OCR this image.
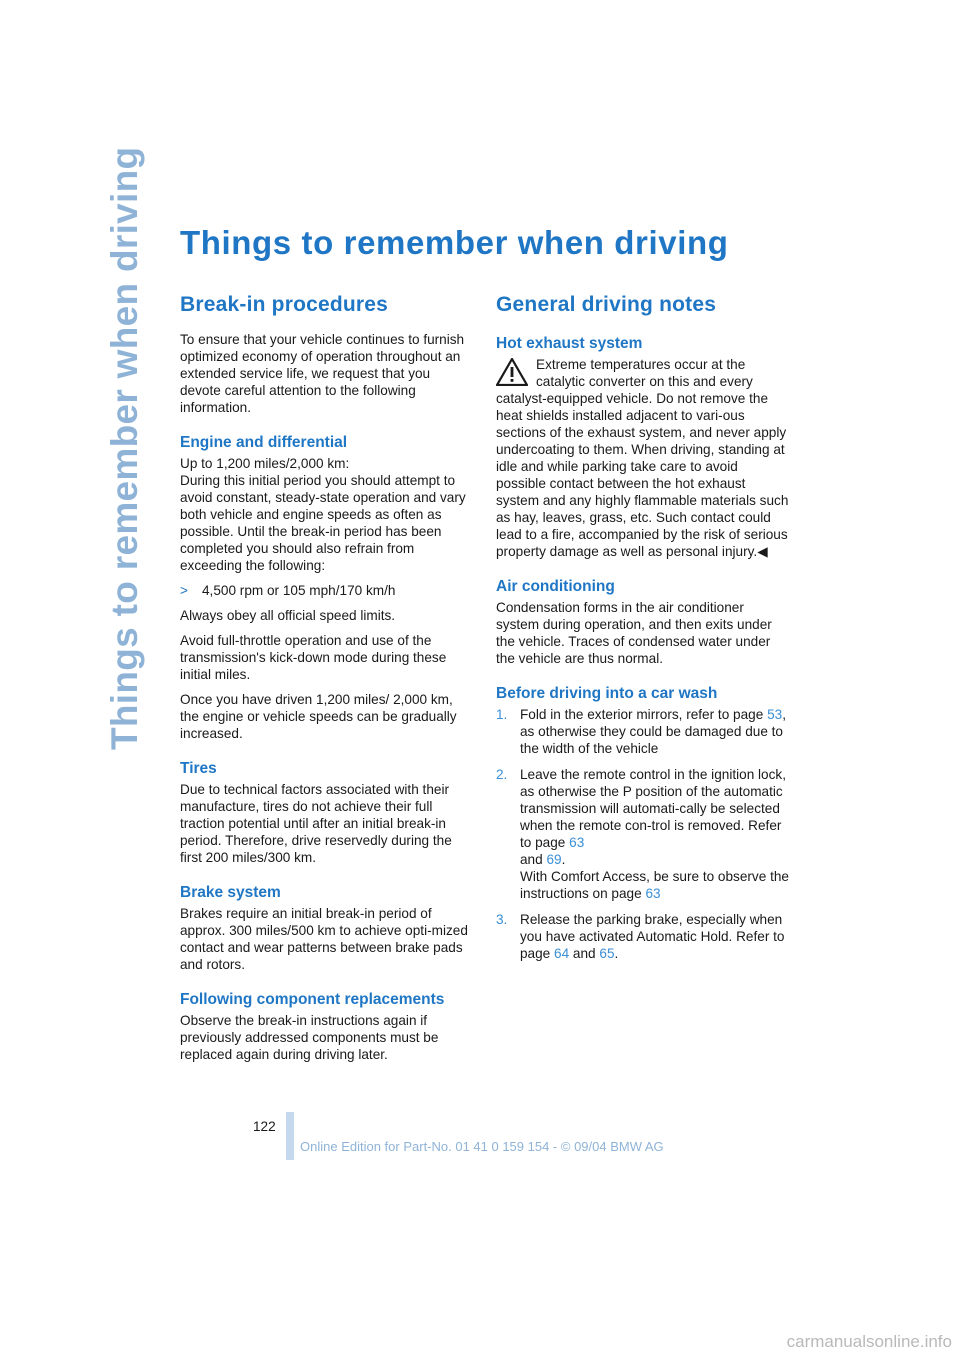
Things to remember when driving Things to remember when driving
Break-in procedures

To ensure that your vehicle continues to furnish optimized economy of operation throughout an extended service life, we request that you devote careful attention to the following information.

Engine and differential

Up to 1,200 miles/2,000 km:
During this initial period you should attempt to avoid constant, steady-state operation and vary both vehicle and engine speeds as often as possible. Until the break-in period has been completed you should also refrain from exceeding the following:

>	4,500 rpm or 105 mph/170 km/h

Always obey all official speed limits.

Avoid full-throttle operation and use of the transmission's kick-down mode during these initial miles.

Once you have driven 1,200 miles/ 2,000 km, the engine or vehicle speeds can be gradually increased.

Tires

Due to technical factors associated with their manufacture, tires do not achieve their full traction potential until after an initial break-in period. Therefore, drive reservedly during the first 200 miles/300 km.

Brake system

Brakes require an initial break-in period of approx. 300 miles/500 km to achieve opti-mized contact and wear patterns between brake pads and rotors.

Following component replacements

Observe the break-in instructions again if previously addressed components must be replaced again during driving later.

General driving notes
Hot exhaust system

Extreme temperatures occur at the catalytic converter on this and every catalyst-equipped vehicle. Do not remove the heat shields installed adjacent to vari-ous sections of the exhaust system, and never apply undercoating to them. When driving, standing at idle and while parking take care to avoid possible contact between the hot exhaust system and any highly flammable materials such as hay, leaves, grass, etc. Such contact could lead to a fire, accompanied by the risk of serious property damage as well as personal injury.◀

Air conditioning

Condensation forms in the air conditioner system during operation, and then exits under the vehicle. Traces of condensed water under the vehicle are thus normal.

Before driving into a car wash
1. Fold in the exterior mirrors, refer to page 53, as otherwise they could be damaged due to the width of the vehicle
2. Leave the remote control in the ignition lock, as otherwise the P position of the automatic transmission will automati-cally be selected when the remote con-trol is removed. Refer to page 63
and 69.
With Comfort Access, be sure to observe the instructions on page 63
3. Release the parking brake, especially when you have activated Automatic Hold. Refer to page 64 and 65.
122
Online Edition for Part-No. 01 41 0 159 154 - © 09/04 BMW AG
carmanualsonline.info
